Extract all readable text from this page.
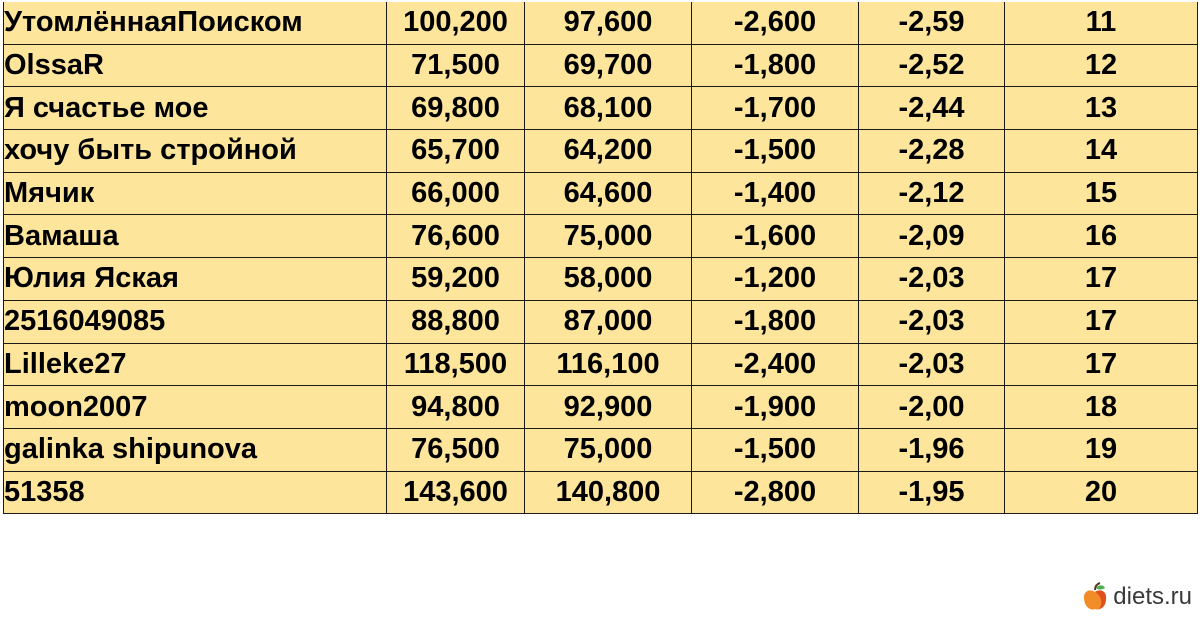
УтомлённаяПоиском	100,200	97,600	-2,600	-2,59	11
OlssaR	71,500	69,700	-1,800	-2,52	12
Я счастье мое	69,800	68,100	-1,700	-2,44	13
хочу быть стройной	65,700	64,200	-1,500	-2,28	14
Мячик	66,000	64,600	-1,400	-2,12	15
Вамаша	76,600	75,000	-1,600	-2,09	16
Юлия Яская	59,200	58,000	-1,200	-2,03	17
2516049085	88,800	87,000	-1,800	-2,03	17
Lilleke27	118,500	116,100	-2,400	-2,03	17
moon2007	94,800	92,900	-1,900	-2,00	18
galinka shipunova	76,500	75,000	-1,500	-1,96	19
51358	143,600	140,800	-2,800	-1,95	20
diets.ru
